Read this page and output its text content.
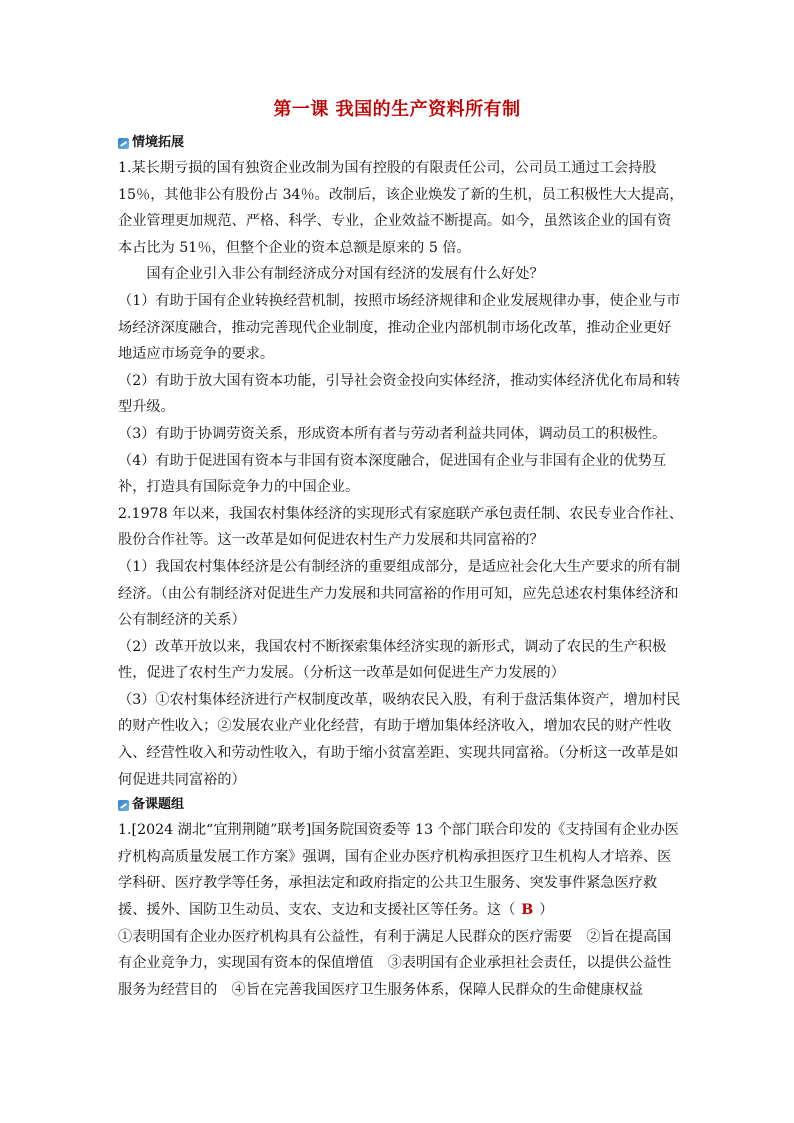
第一课 我国的生产资料所有制
情境拓展

1.某长期亏损的国有独资企业改制为国有控股的有限责任公司，公司员工通过工会持股 15％，其他非公有股份占 34％。改制后，该企业焕发了新的生机，员工积极性大大提高，企业管理更加规范、严格、科学、专业，企业效益不断提高。如今，虽然该企业的国有资本占比为 51％，但整个企业的资本总额是原来的 5 倍。

国有企业引入非公有制经济成分对国有经济的发展有什么好处？

（1）有助于国有企业转换经营机制，按照市场经济规律和企业发展规律办事，使企业与市场经济深度融合，推动完善现代企业制度，推动企业内部机制市场化改革，推动企业更好地适应市场竞争的要求。

（2）有助于放大国有资本功能，引导社会资金投向实体经济，推动实体经济优化布局和转型升级。

（3）有助于协调劳资关系，形成资本所有者与劳动者利益共同体，调动员工的积极性。

（4）有助于促进国有资本与非国有资本深度融合，促进国有企业与非国有企业的优势互补，打造具有国际竞争力的中国企业。

2.1978 年以来，我国农村集体经济的实现形式有家庭联产承包责任制、农民专业合作社、股份合作社等。这一改革是如何促进农村生产力发展和共同富裕的？

（1）我国农村集体经济是公有制经济的重要组成部分，是适应社会化大生产要求的所有制经济。（由公有制经济对促进生产力发展和共同富裕的作用可知，应先总述农村集体经济和公有制经济的关系）

（2）改革开放以来，我国农村不断探索集体经济实现的新形式，调动了农民的生产积极性，促进了农村生产力发展。（分析这一改革是如何促进生产力发展的）

（3）①农村集体经济进行产权制度改革，吸纳农民入股，有利于盘活集体资产，增加村民的财产性收入；②发展农业产业化经营，有助于增加集体经济收入，增加农民的财产性收入、经营性收入和劳动性收入，有助于缩小贫富差距、实现共同富裕。（分析这一改革是如何促进共同富裕的）

备课题组

1.[2024 湖北“宜荆荆随”联考]国务院国资委等 13 个部门联合印发的《支持国有企业办医疗机构高质量发展工作方案》强调，国有企业办医疗机构承担医疗卫生机构人才培养、医学科研、医疗教学等任务，承担法定和政府指定的公共卫生服务、突发事件紧急医疗救援、援外、国防卫生动员、支农、支边和支援社区等任务。这（ B ）

①表明国有企业办医疗机构具有公益性，有利于满足人民群众的医疗需要　②旨在提高国有企业竞争力，实现国有资本的保值增值　③表明国有企业承担社会责任，以提供公益性服务为经营目的　④旨在完善我国医疗卫生服务体系，保障人民群众的生命健康权益
